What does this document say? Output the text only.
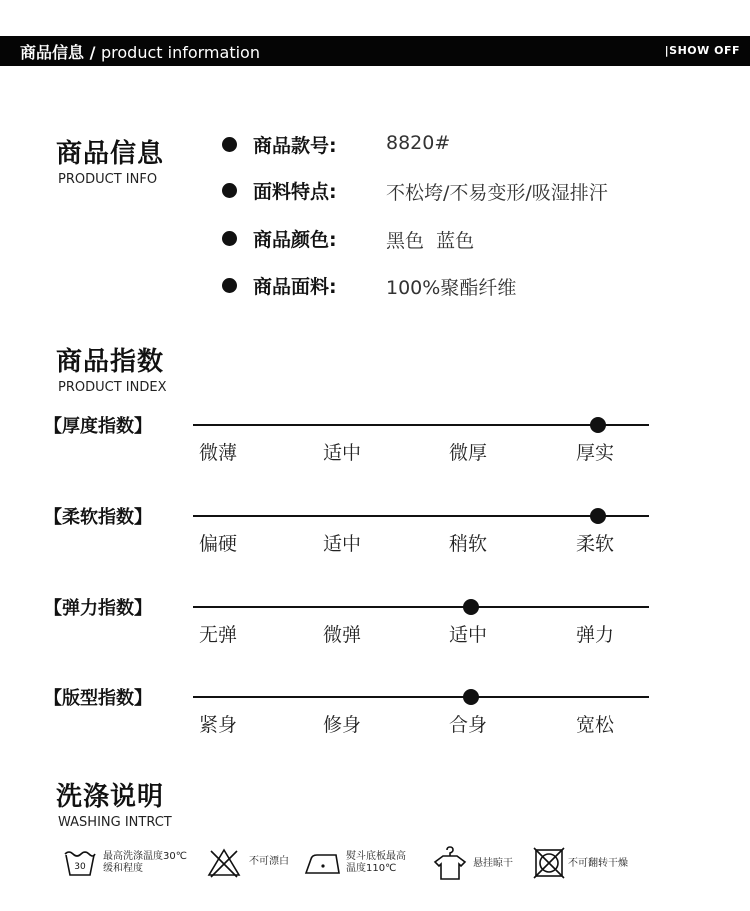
商品信息 / product information	|SHOW OFF
商品信息
PRODUCT INFO
商品款号:	8820#
面料特点:	不松垮/不易变形/吸湿排汗
商品颜色:	黑色  蓝色
商品面料:	100%聚酯纤维
商品指数
PRODUCT INDEX
【厚度指数】
微薄	适中	微厚	厚实
【柔软指数】
偏硬	适中	稍软	柔软
【弹力指数】
无弹	微弹	适中	弹力
【版型指数】
紧身	修身	合身	宽松
洗涤说明
WASHING INTRCT
30
最高洗涤温度30℃
缓和程度
不可漂白	熨斗底板最高
温度110℃	悬挂晾干	不可翻转干燥
